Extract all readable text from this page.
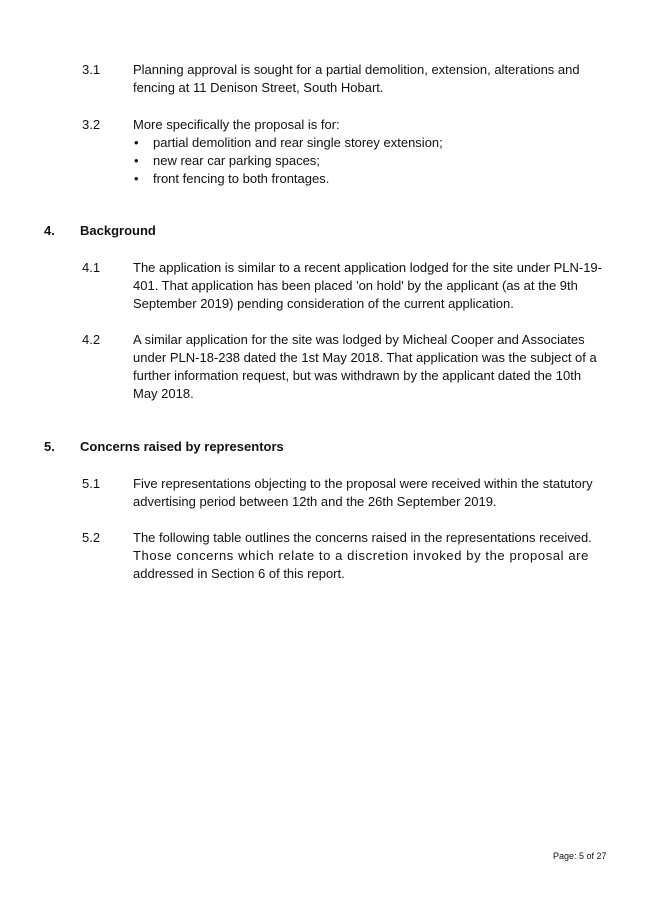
3.1	Planning approval is sought for a partial demolition, extension, alterations and fencing at 11 Denison Street, South Hobart.
3.2	More specifically the proposal is for:
• partial demolition and rear single storey extension;
• new rear car parking spaces;
• front fencing to both frontages.
4. Background
4.1	The application is similar to a recent application lodged for the site under PLN-19-401. That application has been placed 'on hold' by the applicant (as at the 9th September 2019) pending consideration of the current application.
4.2	A similar application for the site was lodged by Micheal Cooper and Associates under PLN-18-238 dated the 1st May 2018. That application was the subject of a further information request, but was withdrawn by the applicant dated the 10th May 2018.
5. Concerns raised by representors
5.1	Five representations objecting to the proposal were received within the statutory advertising period between 12th and the 26th September 2019.
5.2	The following table outlines the concerns raised in the representations received.
Those concerns which relate to a discretion invoked by the proposal are
addressed in Section 6 of this report.
Page: 5 of 27
